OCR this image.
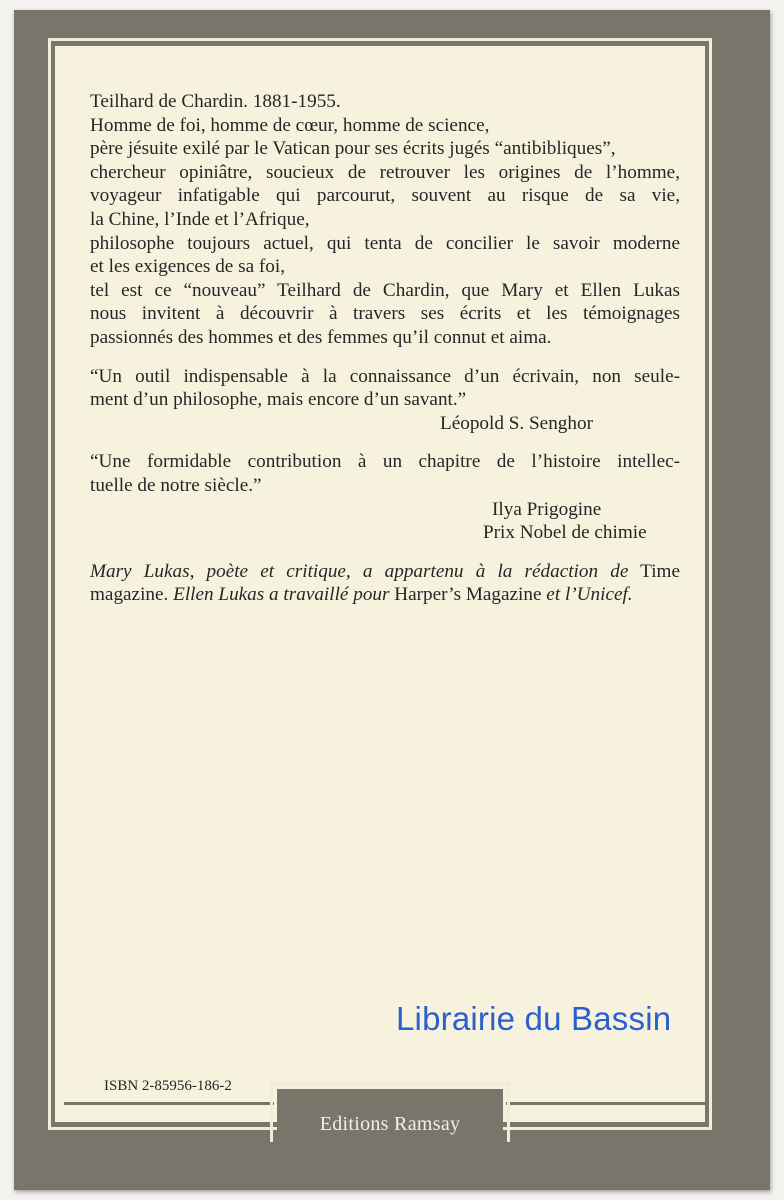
Teilhard de Chardin. 1881-1955.
Homme de foi, homme de cœur, homme de science,
père jésuite exilé par le Vatican pour ses écrits jugés “antibibliques”,
chercheur opiniâtre, soucieux de retrouver les origines de l’homme,
voyageur infatigable qui parcourut, souvent au risque de sa vie,
la Chine, l’Inde et l’Afrique,
philosophe toujours actuel, qui tenta de concilier le savoir moderne
et les exigences de sa foi,
tel est ce “nouveau” Teilhard de Chardin, que Mary et Ellen Lukas
nous invitent à découvrir à travers ses écrits et les témoignages
passionnés des hommes et des femmes qu’il connut et aima.
“Un outil indispensable à la connaissance d’un écrivain, non seule-
ment d’un philosophe, mais encore d’un savant.”
Léopold S. Senghor
“Une formidable contribution à un chapitre de l’histoire intellec-
tuelle de notre siècle.”
Ilya Prigogine
Prix Nobel de chimie
Mary Lukas, poète et critique, a appartenu à la rédaction de Time
magazine. Ellen Lukas a travaillé pour Harper’s Magazine et l’Unicef.
Librairie du Bassin
ISBN 2-85956-186-2
Editions Ramsay
